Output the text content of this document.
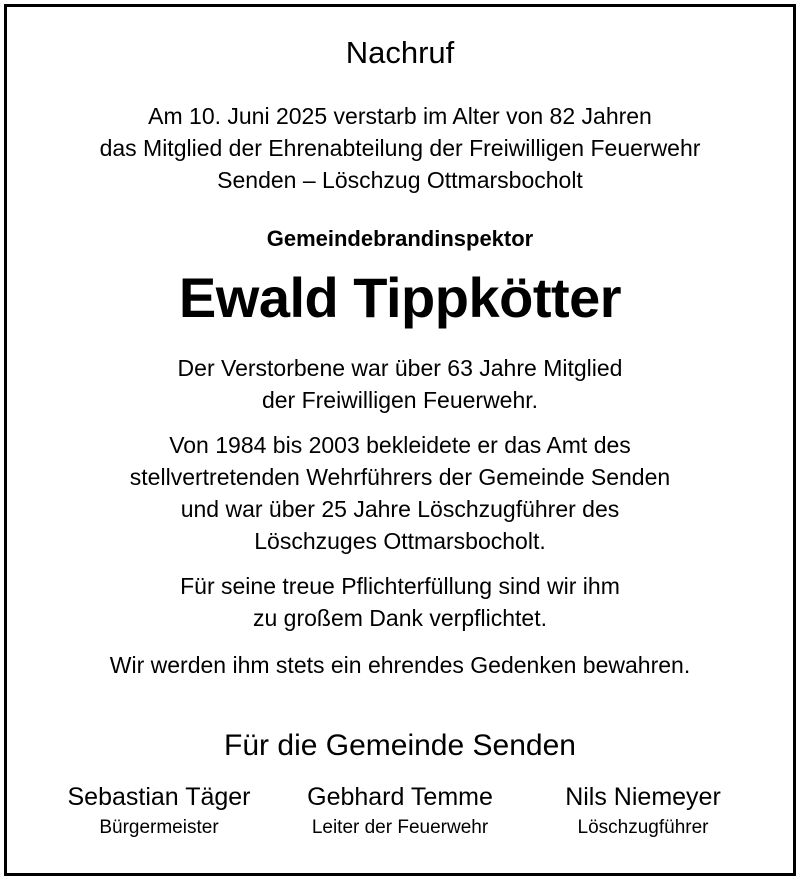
Nachruf
Am 10. Juni 2025 verstarb im Alter von 82 Jahren
das Mitglied der Ehrenabteilung der Freiwilligen Feuerwehr
Senden – Löschzug Ottmarsbocholt
Gemeindebrandinspektor
Ewald Tippkötter
Der Verstorbene war über 63 Jahre Mitglied
der Freiwilligen Feuerwehr.
Von 1984 bis 2003 bekleidete er das Amt des
stellvertretenden Wehrführers der Gemeinde Senden
und war über 25 Jahre Löschzugführer des
Löschzuges Ottmarsbocholt.
Für seine treue Pflichterfüllung sind wir ihm
zu großem Dank verpflichtet.
Wir werden ihm stets ein ehrendes Gedenken bewahren.
Für die Gemeinde Senden
Sebastian Täger
Bürgermeister
Gebhard Temme
Leiter der Feuerwehr
Nils Niemeyer
Löschzugführer
